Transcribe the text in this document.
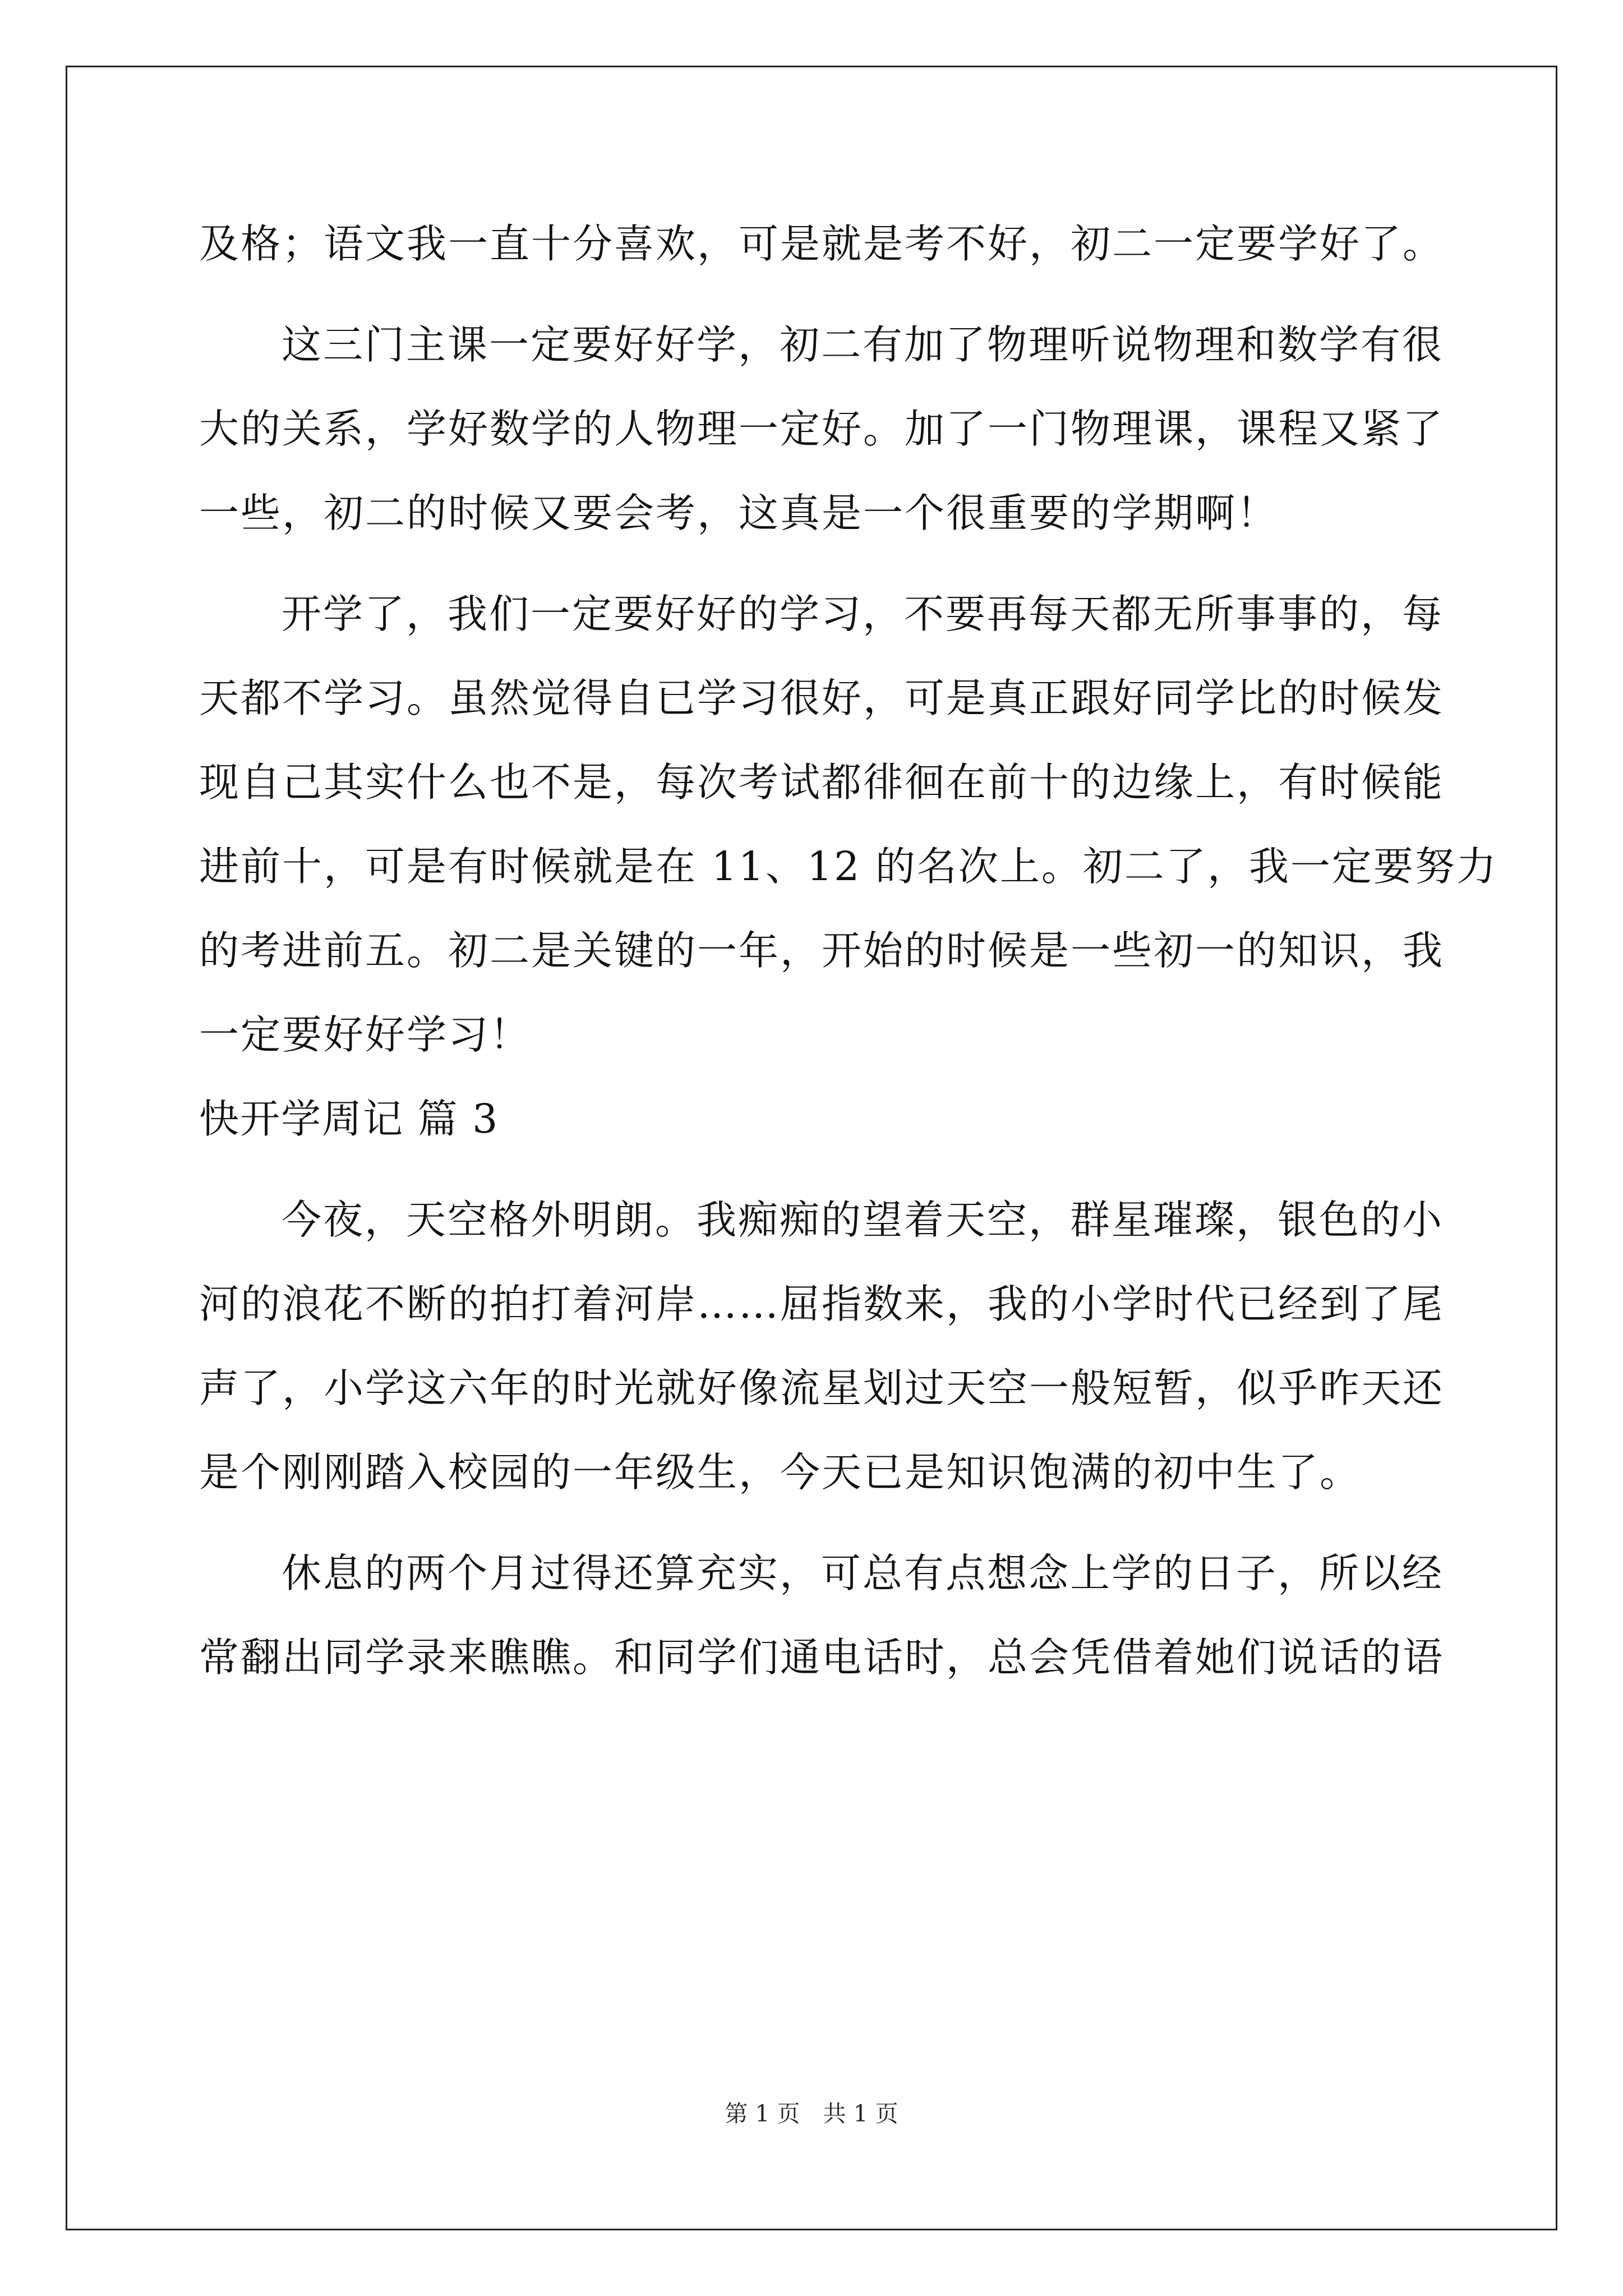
及格；语文我一直十分喜欢，可是就是考不好，初二一定要学好了。
这三门主课一定要好好学，初二有加了物理听说物理和数学有很
大的关系，学好数学的人物理一定好。加了一门物理课，课程又紧了
一些，初二的时候又要会考，这真是一个很重要的学期啊！
开学了，我们一定要好好的学习，不要再每天都无所事事的，每
天都不学习。虽然觉得自已学习很好，可是真正跟好同学比的时候发
现自己其实什么也不是，每次考试都徘徊在前十的边缘上，有时候能
进前十，可是有时候就是在 11、12 的名次上。初二了，我一定要努力
的考进前五。初二是关键的一年，开始的时候是一些初一的知识，我
一定要好好学习！
快开学周记 篇 3
今夜，天空格外明朗。我痴痴的望着天空，群星璀璨，银色的小
河的浪花不断的拍打着河岸……屈指数来，我的小学时代已经到了尾
声了，小学这六年的时光就好像流星划过天空一般短暂，似乎昨天还
是个刚刚踏入校园的一年级生，今天已是知识饱满的初中生了。
休息的两个月过得还算充实，可总有点想念上学的日子，所以经
常翻出同学录来瞧瞧。和同学们通电话时，总会凭借着她们说话的语
第 1 页　共 1 页
